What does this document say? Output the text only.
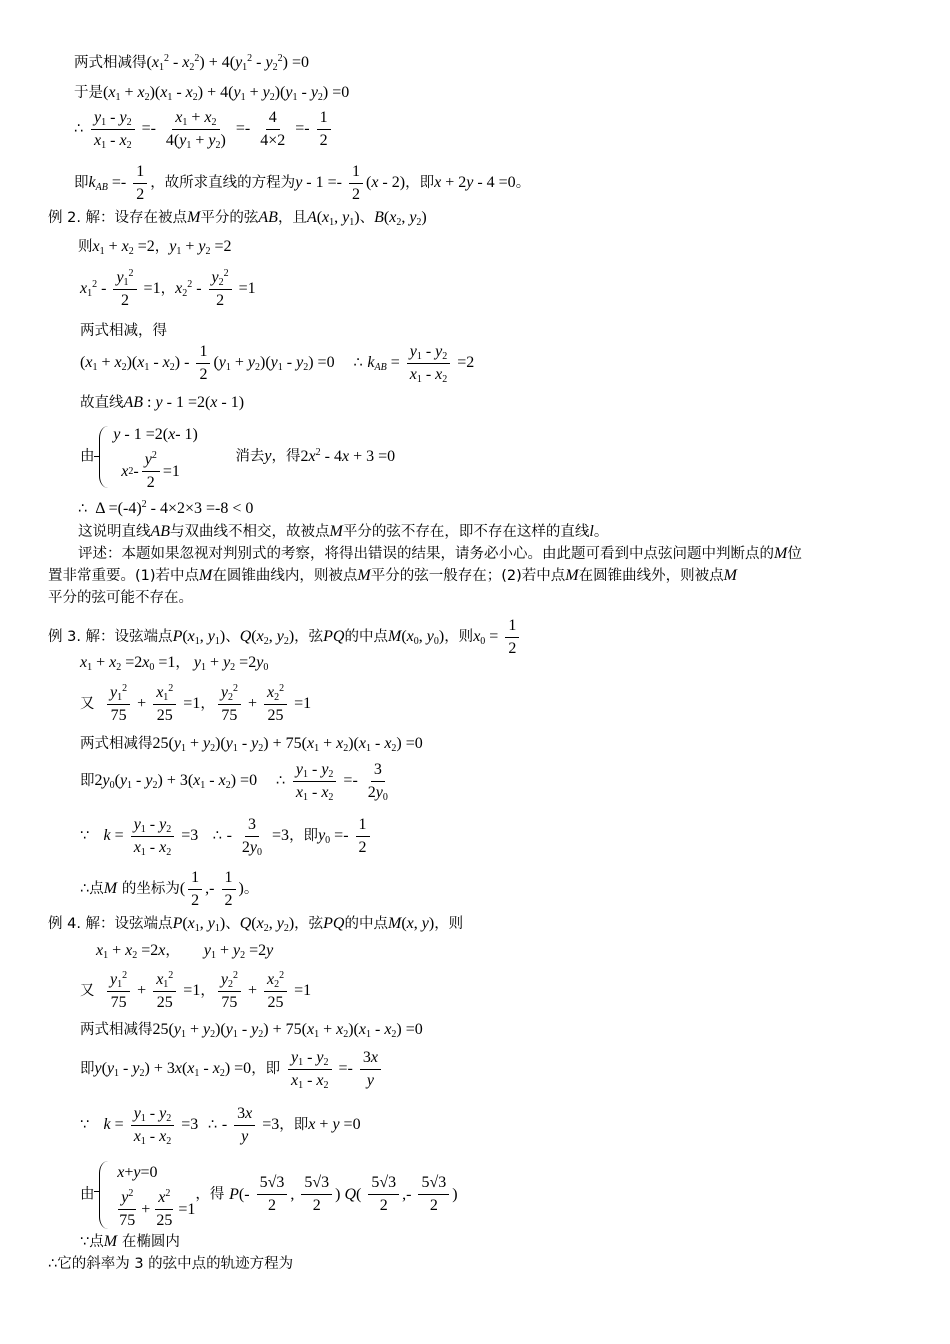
两式相减得$(x_1^2 - x_2^2) + 4(y_1^2 - y_2^2) =0$
于是$(x_1 + x_2)(x_1 - x_2) + 4(y_1 + y_2)(y_1 - y_2) =0$
∴ $\frac{y_1 - y_2}{x_1 - x_2} =- \frac{x_1 + x_2}{4(y_1 + y_2)} =- \frac{4}{4\times 2} =- \frac{1}{2}$
即$k_{AB} =- \frac{1}{2}$ ，故所求直线的方程为$y - 1 =- \frac{1}{2} (x - 2)$，即x + 2y - 4 =0。
例 2. 解：设存在被点M平分的弦AB，且$A(x_1$, $y_1$)、$B(x_2$, $y_2$)
则$x_1 + x_2 =2$，$y_1 + y_2 =2$
$x_1^2 - \frac{y_1^2}{2} =1$，$x_2^2 - \frac{y_2^2}{2} =1$
两式相减，得
$(x_1 + x_2)(x_1 - x_2) - \frac{1}{2} (y_1 + y_2)(y_1 - y_2) =0$ ∴ $k_{AB} = \frac{y_1 - y_2}{x_1 - x_2} =2$
故直线AB : y - 1 =2(x - 1)
由
y - 1 =2( x - 1)

x 2 -
$y^2$
2
=1
消去y，得$2x^2 - 4x + 3 =0$
∴  $\Delta =(-4)^2 - 4\times 2\times 3 =-8 < 0$
这说明直线AB与双曲线不相交，故被点M平分的弦不存在，即不存在这样的直线l。
评述：本题如果忽视对判别式的考察，将得出错误的结果，请务必小心。由此题可看到中点弦问题中判断点的M位
置非常重要。(1)若中点M在圆锥曲线内，则被点M平分的弦一般存在；(2)若中点M在圆锥曲线外，则被点M
平分的弦可能不存在。
例 3. 解：设弦端点$P(x_1$, $y_1$)、$Q(x_2$, $y_2$)，弦PQ的中点$M(x_0$, $y_0$)，则$x_0 = \frac{1}{2}$
$x_1 + x_2 =2x_0 =1$， $y_1 + y_2 =2y_0$
又 $\frac{y_1^2}{75} + \frac{x_1^2}{25} =1$， $\frac{y_2^2}{75} + \frac{x_2^2}{25} =1$
两式相减得$25(y_1 + y_2)(y_1 - y_2) + 75(x_1 + x_2)(x_1 - x_2) =0$
即$2y_0(y_1 - y_2) + 3(x_1 - x_2) =0$ ∴ $\frac{y_1 - y_2}{x_1 - x_2} =- \frac{3}{2y_0}$
∵ $k = \frac{y_1 - y_2}{x_1 - x_2} =3$ ∴ - $\frac{3}{2y_0} =3$，即$y_0 =- \frac{1}{2}$
∴点M 的坐标为( $\frac{1}{2}$ ,- $\frac{1}{2}$ )。
例 4. 解：设弦端点$P(x_1$, $y_1$)、$Q(x_2$, $y_2$)，弦PQ的中点M(x, y)，则
$x_1 + x_2 =2x$， $y_1 + y_2 =2y$
又 $\frac{y_1^2}{75} + \frac{x_1^2}{25} =1$， $\frac{y_2^2}{75} + \frac{x_2^2}{25} =1$
两式相减得$25(y_1 + y_2)(y_1 - y_2) + 75(x_1 + x_2)(x_1 - x_2) =0$
即$y(y_1 - y_2) + 3x(x_1 - x_2) =0$，即 $\frac{y_1 - y_2}{x_1 - x_2} =- \frac{3x}{y}$
∵ $k = \frac{y_1 - y_2}{x_1 - x_2} =3$ ∴ - $\frac{3x}{y} =3$，即x + y =0
由

x + y =0
$y^2$
75
+
$x^2$
25
=1
，得 $P(- \frac{5√3}{2}$ , $\frac{5√3}{2}$ ) $Q( \frac{5√3}{2}$ ,- $\frac{5√3}{2}$ )
∵点M 在椭圆内
∴它的斜率为 3 的弦中点的轨迹方程为
